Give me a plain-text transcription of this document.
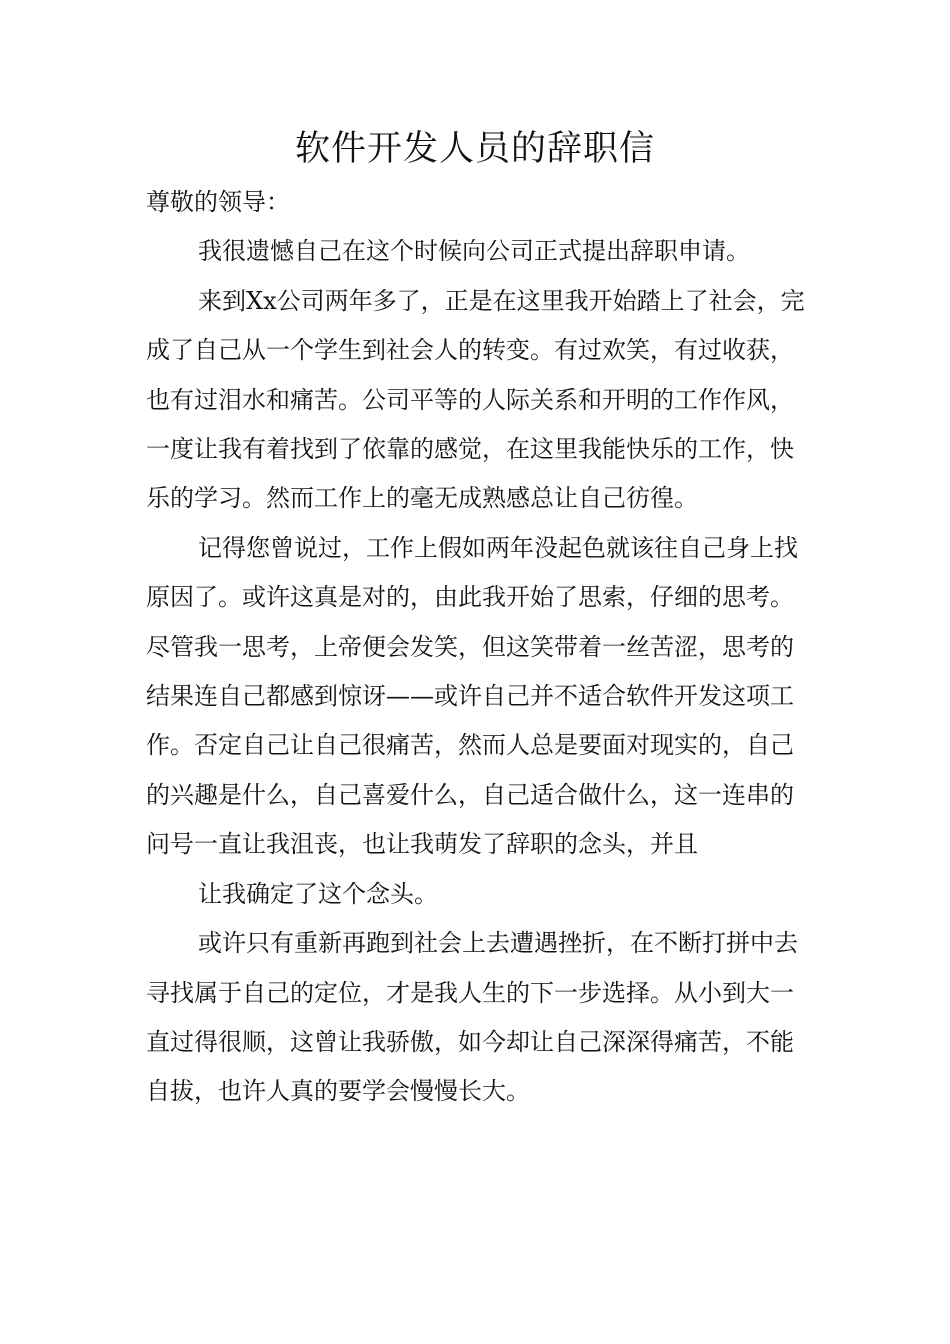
软件开发人员的辞职信

尊敬的领导：

我很遗憾自己在这个时候向公司正式提出辞职申请。

来到Xx公司两年多了，正是在这里我开始踏上了社会，完成了自己从一个学生到社会人的转变。有过欢笑，有过收获，也有过泪水和痛苦。公司平等的人际关系和开明的工作作风，一度让我有着找到了依靠的感觉，在这里我能快乐的工作，快乐的学习。然而工作上的毫无成熟感总让自己彷徨。

记得您曾说过，工作上假如两年没起色就该往自己身上找原因了。或许这真是对的，由此我开始了思索，仔细的思考。尽管我一思考，上帝便会发笑，但这笑带着一丝苦涩，思考的结果连自己都感到惊讶——或许自己并不适合软件开发这项工作。否定自己让自己很痛苦，然而人总是要面对现实的，自己的兴趣是什么，自己喜爱什么，自己适合做什么，这一连串的问号一直让我沮丧，也让我萌发了辞职的念头，并且

让我确定了这个念头。

或许只有重新再跑到社会上去遭遇挫折，在不断打拼中去寻找属于自己的定位，才是我人生的下一步选择。从小到大一直过得很顺，这曾让我骄傲，如今却让自己深深得痛苦，不能自拔，也许人真的要学会慢慢长大。
